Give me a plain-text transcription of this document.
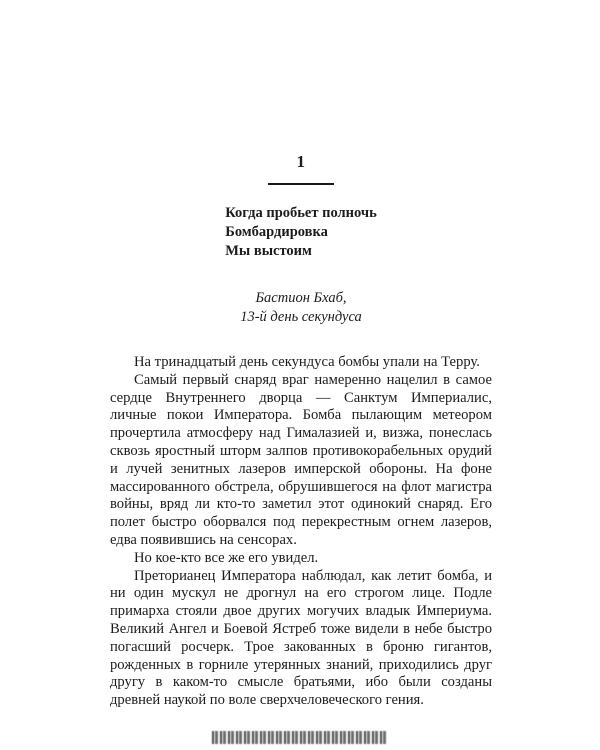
1
Когда пробьет полночь
Бомбардировка
Мы выстоим
Бастион Бхаб,
13-й день секундуса

На тринадцатый день секундуса бомбы упали на Терру.

Самый первый снаряд враг намеренно нацелил в самое сердце Внутреннего дворца — Санктум Империалис, личные покои Императора. Бомба пылающим метеором прочертила атмосферу над Гималазией и, визжа, понеслась сквозь яростный шторм залпов противокорабельных орудий и лучей зенитных лазеров имперской обороны. На фоне массированного обстрела, обрушившегося на флот магистра войны, вряд ли кто-то заметил этот одинокий снаряд. Его полет быстро оборвался под перекрестным огнем лазеров, едва появившись на сенсорах.

Но кое-кто все же его увидел.

Преторианец Императора наблюдал, как летит бомба, и ни один мускул не дрогнул на его строгом лице. Подле примарха стояли двое других могучих владык Империума. Великий Ангел и Боевой Ястреб тоже видели в небе быстро погасший росчерк. Трое закованных в броню гигантов, рожденных в горниле утерянных знаний, приходились друг другу в каком-то смысле братьями, ибо были созданы древней наукой по воле сверхчеловеческого гения.
